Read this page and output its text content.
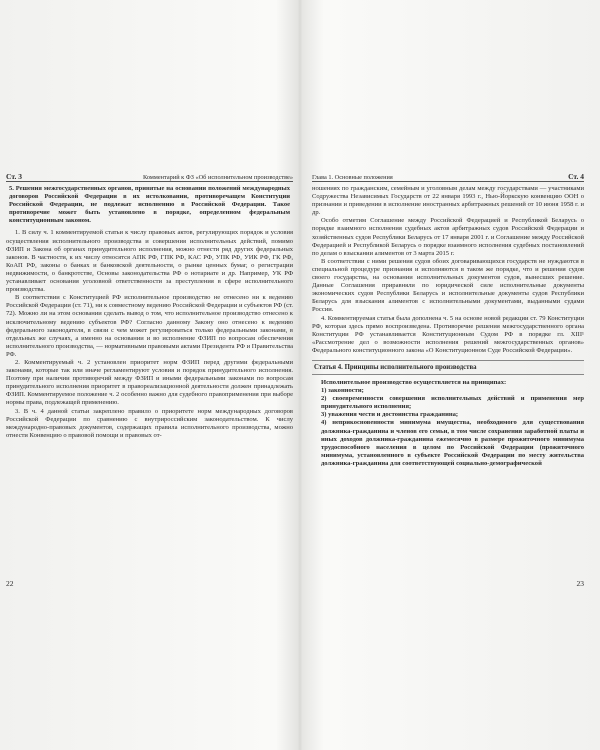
Ст. 3	Комментарий к ФЗ «Об исполнительном производстве»

5. Решения межгосударственных органов, принятые на основании положений международных договоров Российской Федерации в их истолковании, противоречащем Конституции Российской Федерации, не подлежат исполнению в Российской Федерации. Такое противоречие может быть установлено в порядке, определенном федеральным конституционным законом.

1. В силу ч. 1 комментируемой статьи к числу правовых актов, регулирующих порядок и условия осуществления исполнительного производства и совершения исполнительных действий, помимо ФЗИП и Закона об органах принудительного исполнения, можно отнести ряд других федеральных законов. В частности, к их числу относятся АПК РФ, ГПК РФ, КАС РФ, УПК РФ, УИК РФ, ГК РФ, КоАП РФ, законы о банках и банковской деятельности, о рынке ценных бумаг, о регистрации недвижимости, о банкротстве, Основы законодательства РФ о нотариате и др. Например, УК РФ устанавливает основания уголовной ответственности за преступления в сфере исполнительного производства.

В соответствии с Конституцией РФ исполнительное производство не отнесено ни к ведению Российской Федерации (ст. 71), ни к совместному ведению Российской Федерации и субъектов РФ (ст. 72). Можно ли на этом основании сделать вывод о том, что исполнительное производство отнесено к исключительному ведению субъектов РФ? Согласно данному Закону оно отнесено к ведению федерального законодателя, в связи с чем может регулироваться только федеральными законами, в отдельных же случаях, а именно на основании и во исполнение ФЗИП по вопросам обеспечения исполнительного производства, — нормативными правовыми актами Президента РФ и Правительства РФ.

2. Комментируемый ч. 2 установлен приоритет норм ФЗИП перед другими федеральными законами, которые так или иначе регламентируют условия и порядок принудительного исполнения. Поэтому при наличии противоречий между ФЗИП и иными федеральными законами по вопросам принудительного исполнения приоритет в правореализационной деятельности должен принадлежать ФЗИП. Комментируемое положение ч. 2 особенно важно для судебного правоприменения при выборе нормы права, подлежащей применению.

3. В ч. 4 данной статьи закреплено правило о приоритете норм международных договоров Российской Федерации по сравнению с внутрироссийским законодательством. К числу международно-правовых документов, содержащих правила исполнительного производства, можно отнести Конвенцию о правовой помощи и правовых от-

22
Глава 1. Основные положения	Ст. 4

ношениях по гражданским, семейным и уголовным делам между государствами — участниками Содружества Независимых Государств от 22 января 1993 г., Нью-Йоркскую конвенцию ООН о признании и приведении в исполнение иностранных арбитражных решений от 10 июня 1958 г. и др.

Особо отметим Соглашение между Российской Федерацией и Республикой Беларусь о порядке взаимного исполнения судебных актов арбитражных судов Российской Федерации и хозяйственных судов Республики Беларусь от 17 января 2001 г. и Соглашение между Российской Федерацией и Республикой Беларусь о порядке взаимного исполнения судебных постановлений по делам о взыскании алиментов от 3 марта 2015 г.

В соответствии с ними решения судов обоих договаривающихся государств не нуждаются в специальной процедуре признания и исполняются в таком же порядке, что и решения судов своего государства, на основании исполнительных документов судов, вынесших решение. Данные Соглашения приравняли по юридической силе исполнительные документы экономических судов Республики Беларусь и исполнительные документы судов Республики Беларусь для взыскания алиментов с исполнительными документами, выданными судами России.

4. Комментируемая статья была дополнена ч. 5 на основе новой редакции ст. 79 Конституции РФ, которая здесь прямо воспроизведена. Противоречие решения межгосударственного органа Конституции РФ устанавливается Конституционным Судом РФ в порядке гл. XIII¹ «Рассмотрение дел о возможности исполнения решений межгосударственных органов» Федерального конституционного закона «О Конституционном Суде Российской Федерации».

Статья 4. Принципы исполнительного производства

Исполнительное производство осуществляется на принципах:

1) законности;

2) своевременности совершения исполнительных действий и применения мер принудительного исполнения;

3) уважения чести и достоинства гражданина;

4) неприкосновенности минимума имущества, необходимого для существования должника-гражданина и членов его семьи, в том числе сохранения заработной платы и иных доходов должника-гражданина ежемесячно в размере прожиточного минимума трудоспособного населения в целом по Российской Федерации (прожиточного минимума, установленного в субъекте Российской Федерации по месту жительства должника-гражданина для соответствующей социально-демографической

23
